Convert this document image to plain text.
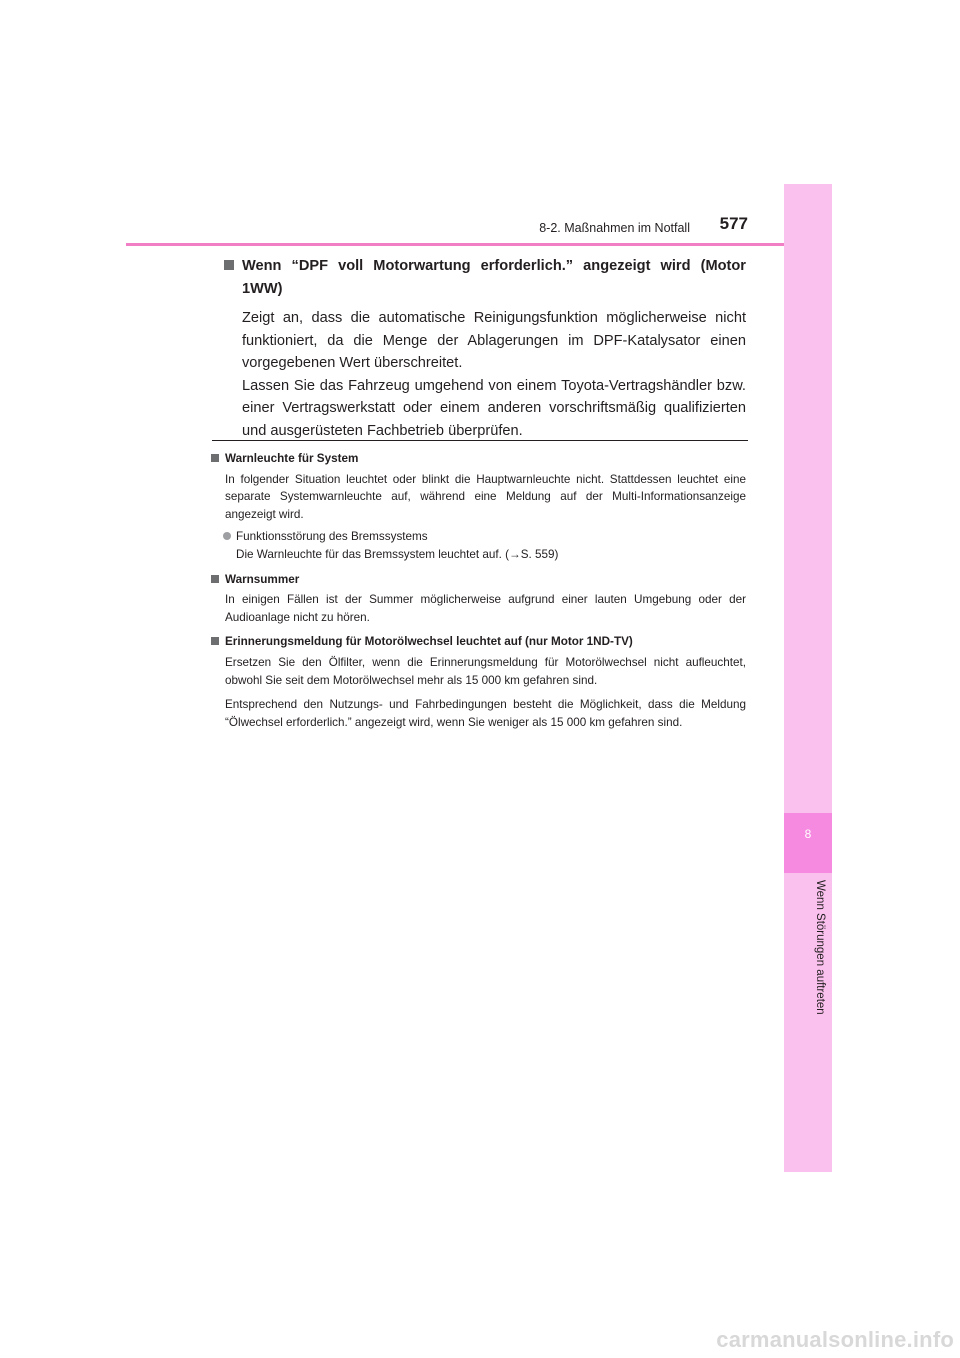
8-2. Maßnahmen im Notfall 577
8
Wenn Störungen auftreten
Wenn “DPF voll Motorwartung erforderlich.” angezeigt wird (Motor 1WW)

Zeigt an, dass die automatische Reinigungsfunktion möglicherweise nicht funktioniert, da die Menge der Ablagerungen im DPF-Katalysator einen vorgegebenen Wert überschreitet.

Lassen Sie das Fahrzeug umgehend von einem Toyota-Vertragshändler bzw. einer Vertragswerkstatt oder einem anderen vorschriftsmäßig qualifizierten und ausgerüsteten Fachbetrieb überprüfen.

Warnleuchte für System

In folgender Situation leuchtet oder blinkt die Hauptwarnleuchte nicht. Stattdessen leuchtet eine separate Systemwarnleuchte auf, während eine Meldung auf der Multi-Informationsanzeige angezeigt wird.

Funktionsstörung des Bremssystems
Die Warnleuchte für das Bremssystem leuchtet auf. (→S. 559)
Warnsummer

In einigen Fällen ist der Summer möglicherweise aufgrund einer lauten Umgebung oder der Audioanlage nicht zu hören.

Erinnerungsmeldung für Motorölwechsel leuchtet auf (nur Motor 1ND-TV)

Ersetzen Sie den Ölfilter, wenn die Erinnerungsmeldung für Motorölwechsel nicht aufleuchtet, obwohl Sie seit dem Motorölwechsel mehr als 15 000 km gefahren sind.

Entsprechend den Nutzungs- und Fahrbedingungen besteht die Möglichkeit, dass die Meldung “Ölwechsel erforderlich.” angezeigt wird, wenn Sie weniger als 15 000 km gefahren sind.

carmanualsonline.info
